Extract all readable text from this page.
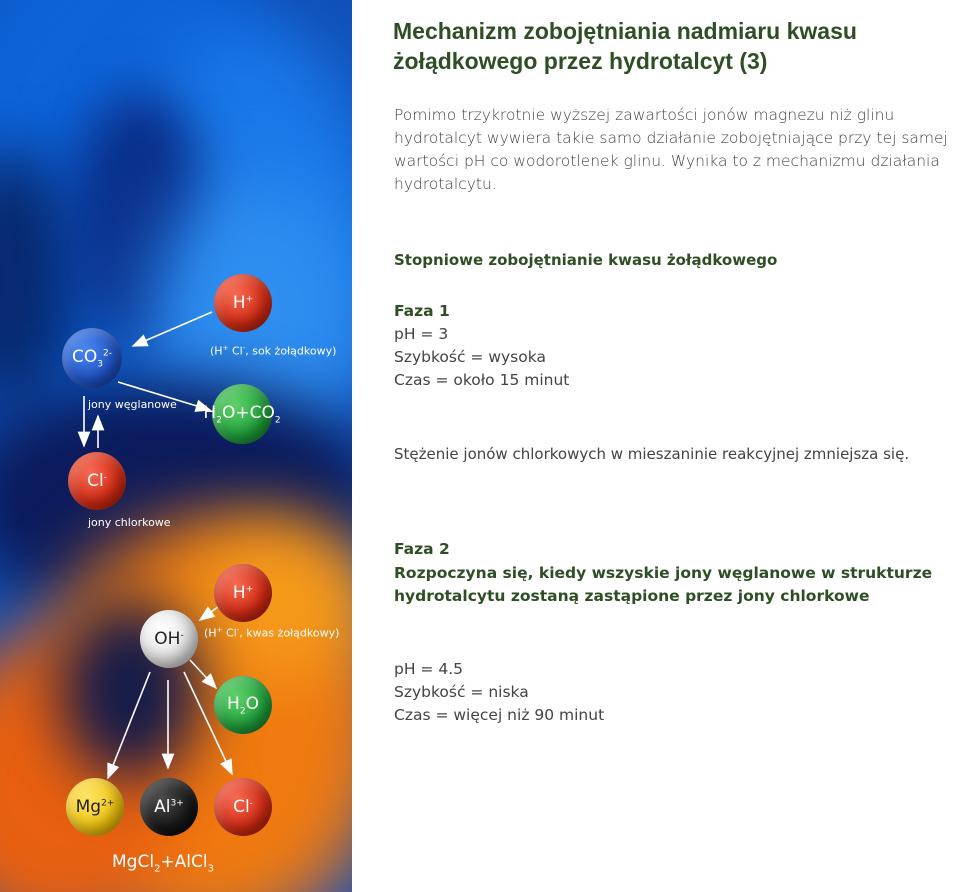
H+
$CO_3^{2-}$	(H+ Cl-, sok żołądkowy)
jony węglanowe $H_2O+CO_2$
Cl-
jony chlorkowe
H+
OH- (H+ Cl-, kwas żołądkowy)
$H_2O$
$Mg^{2+}$ $Al^{3+}$	Cl-
MgCl$_2$+AlCl$_3$
Mechanizm zobojętniania nadmiaru kwasu żołądkowego przez hydrotalcyt (3)

Pomimo trzykrotnie wyższej zawartości jonów magnezu niż glinu hydrotalcyt wywiera takie samo działanie zobojętniające przy tej samej wartości pH co wodorotlenek glinu. Wynika to z mechanizmu działania hydrotalcytu.

Stopniowe zobojętnianie kwasu żołądkowego

Faza 1

pH = 3

Szybkość = wysoka

Czas = około 15 minut

Stężenie jonów chlorkowych w mieszaninie reakcyjnej zmniejsza się.

Faza 2

Rozpoczyna się, kiedy wszyskie jony węglanowe w strukturze hydrotalcytu zostaną zastąpione przez jony chlorkowe

pH = 4.5

Szybkość = niska

Czas = więcej niż 90 minut
